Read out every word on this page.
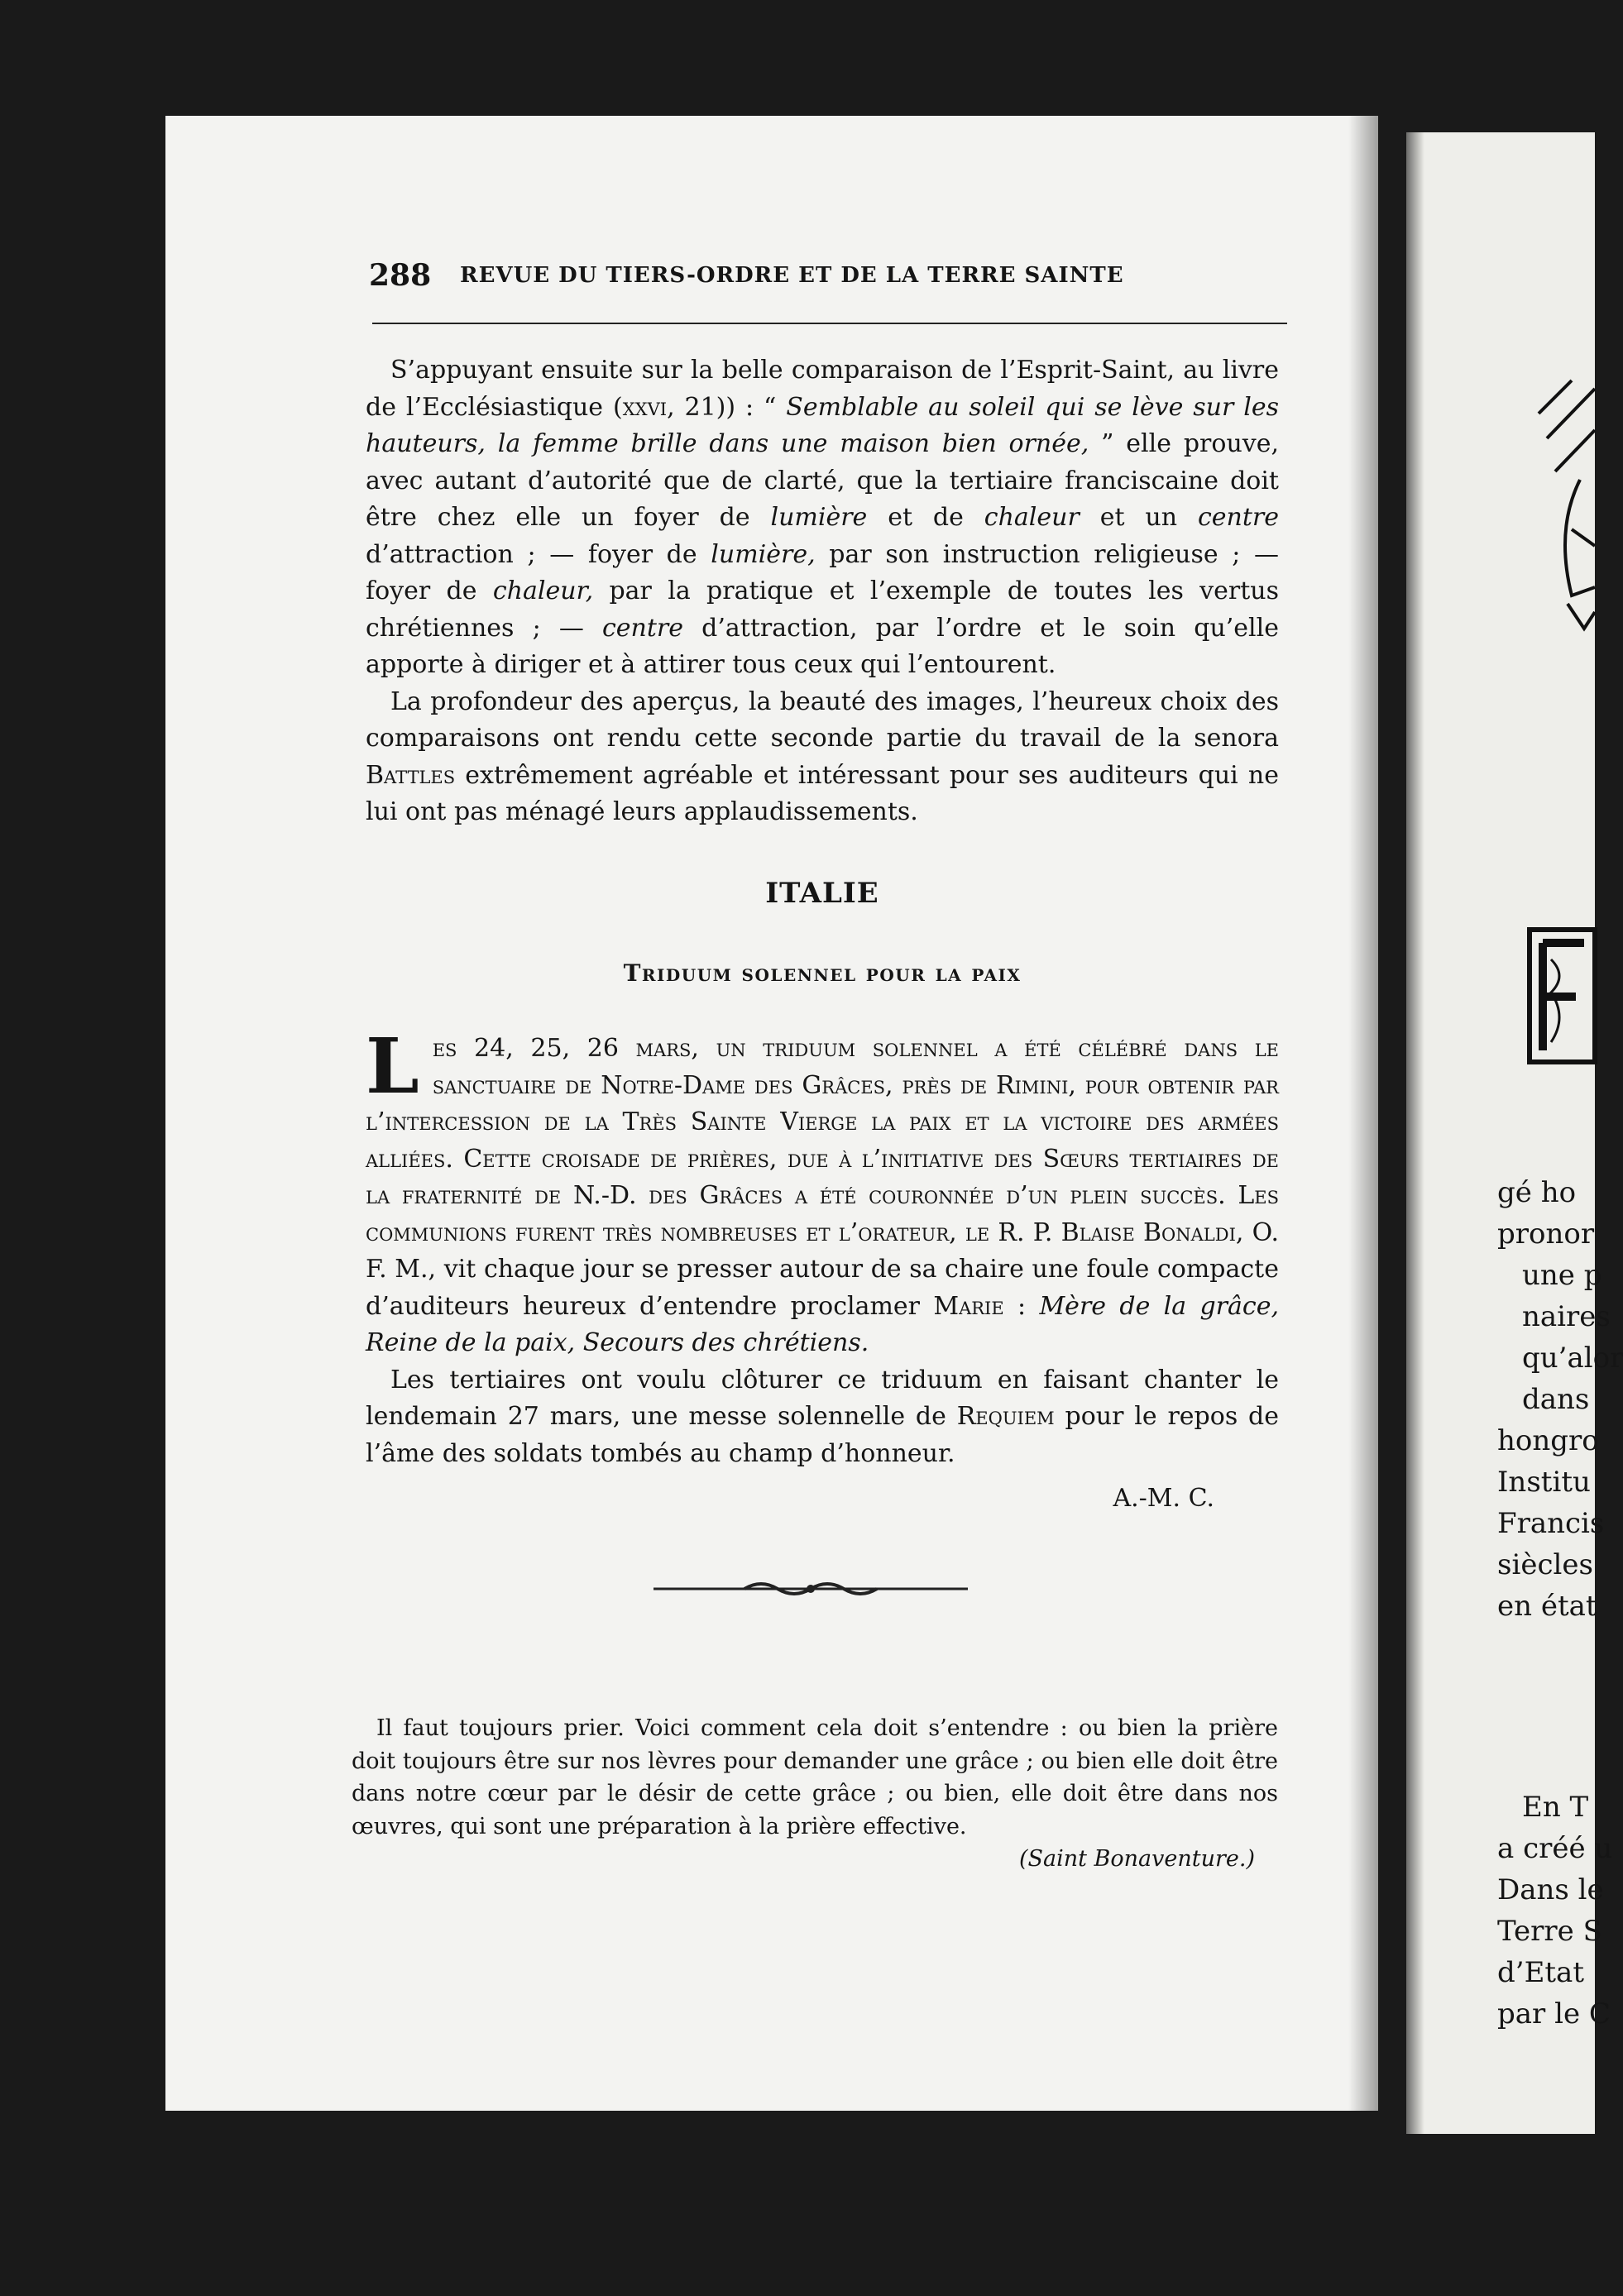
gé ho
pronor
une p
naires
qu’alor
dans
hongro
Institu
Francis
siècles
en état
En T
a créé u
Dans le
Terre S
d’Etat
par le C
288 REVUE DU TIERS-ORDRE ET DE LA TERRE SAINTE

S’appuyant ensuite sur la belle comparaison de l’Esprit-Saint, au livre de l’Ecclésiastique (xxvi, 21)) : “ Semblable au soleil qui se lève sur les hauteurs, la femme brille dans une maison bien ornée, ” elle prouve, avec autant d’autorité que de clarté, que la tertiaire franciscaine doit être chez elle un foyer de lumière et de chaleur et un centre d’attraction ; — foyer de lumière, par son instruction religieuse ; — foyer de chaleur, par la pratique et l’exemple de toutes les vertus chrétiennes ; — centre d’attraction, par l’ordre et le soin qu’elle apporte à diriger et à attirer tous ceux qui l’entourent.

La profondeur des aperçus, la beauté des images, l’heureux choix des comparaisons ont rendu cette seconde partie du travail de la senora Battles extrêmement agréable et intéressant pour ses auditeurs qui ne lui ont pas ménagé leurs applaudissements.

ITALIE
Triduum solennel pour la paix

Les 24, 25, 26 mars, un triduum solennel a été célébré dans le sanctuaire de Notre-Dame des Grâces, près de Rimini, pour obtenir par l’intercession de la Très Sainte Vierge la paix et la victoire des armées alliées. Cette croisade de prières, due à l’initiative des Sœurs tertiaires de la fraternité de N.-D. des Grâces a été couronnée d’un plein succès. Les communions furent très nombreuses et l’orateur, le R. P. Blaise Bonaldi, O. F. M., vit chaque jour se presser autour de sa chaire une foule compacte d’auditeurs heureux d’entendre proclamer Marie : Mère de la grâce, Reine de la paix, Secours des chrétiens.

Les tertiaires ont voulu clôturer ce triduum en faisant chanter le lendemain 27 mars, une messe solennelle de Requiem pour le repos de l’âme des soldats tombés au champ d’honneur.

A.-M. C.

Il faut toujours prier. Voici comment cela doit s’entendre : ou bien la prière doit toujours être sur nos lèvres pour demander une grâce ; ou bien elle doit être dans notre cœur par le désir de cette grâce ; ou bien, elle doit être dans nos œuvres, qui sont une préparation à la prière effective.

(Saint Bonaventure.)
